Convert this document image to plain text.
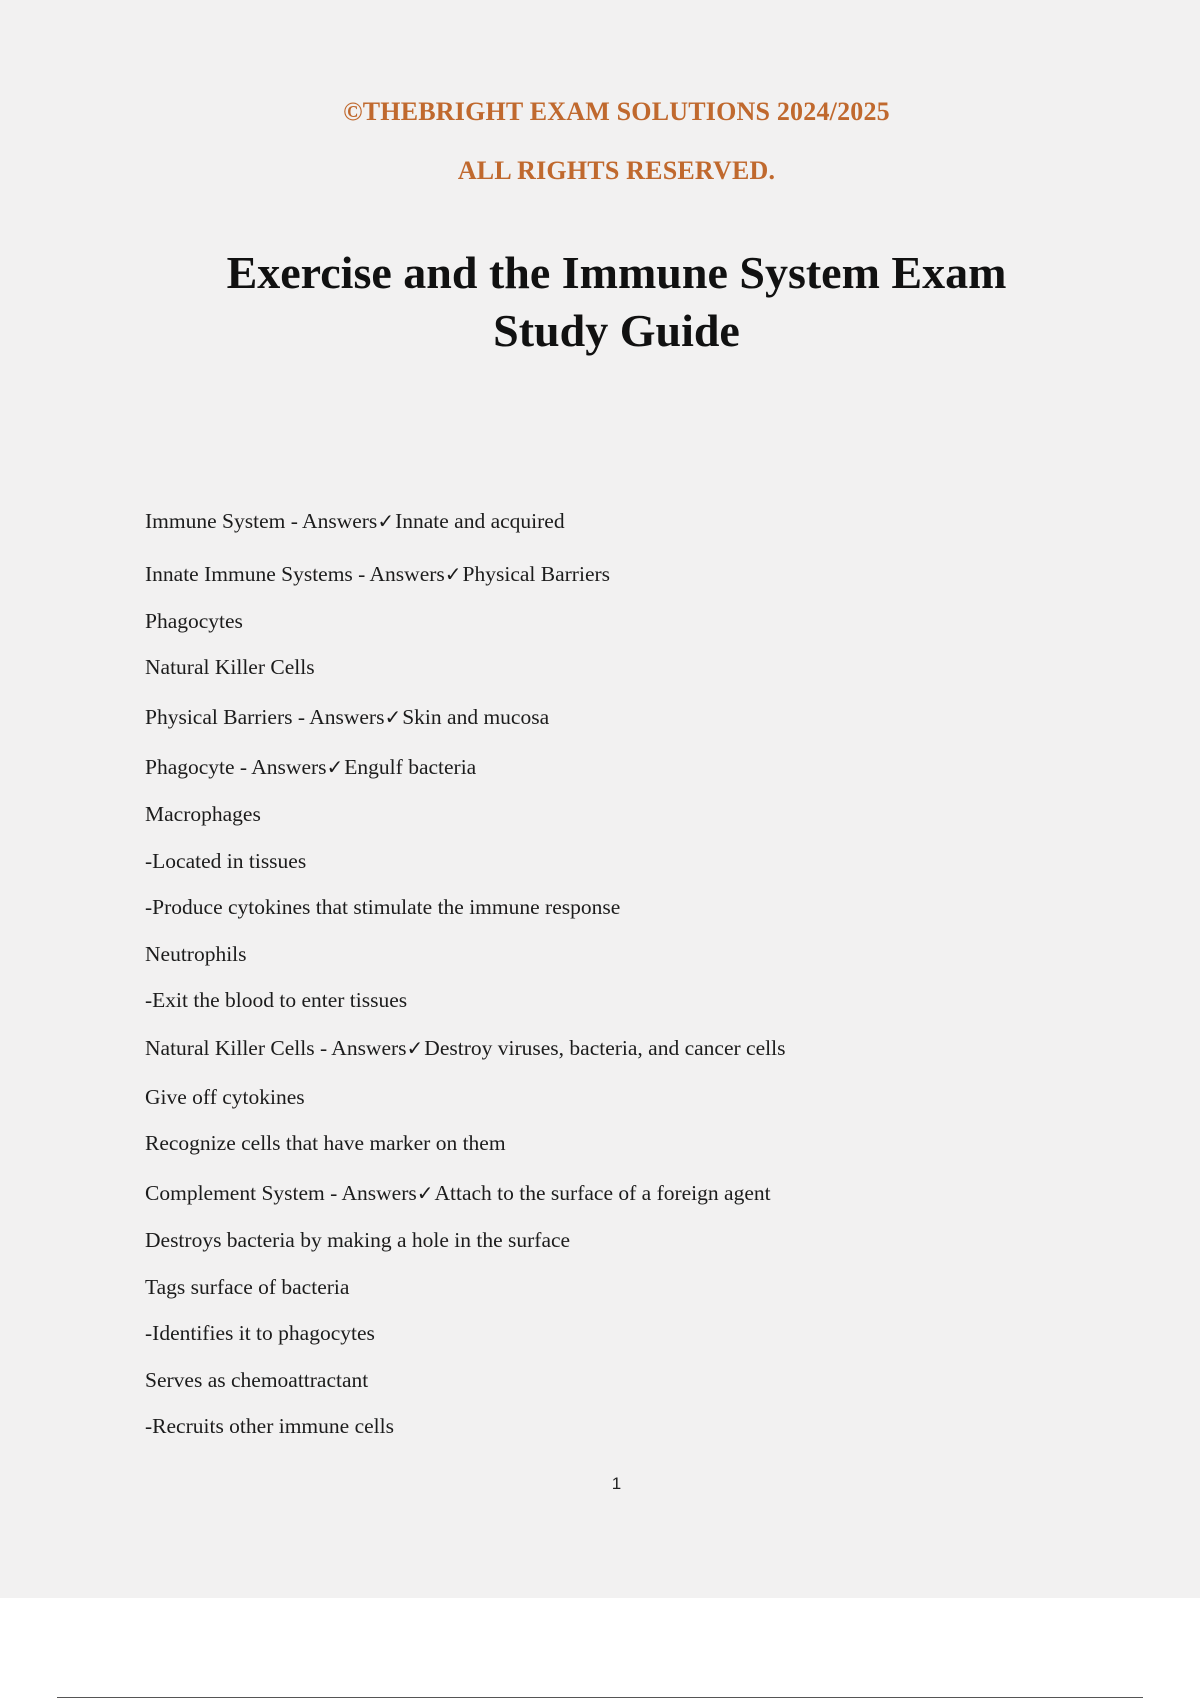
©THEBRIGHT EXAM SOLUTIONS 2024/2025
ALL RIGHTS RESERVED.
Exercise and the Immune System Exam
Study Guide
Immune System - Answers✓Innate and acquired
Innate Immune Systems - Answers✓Physical Barriers
Phagocytes
Natural Killer Cells
Physical Barriers - Answers✓Skin and mucosa
Phagocyte - Answers✓Engulf bacteria
Macrophages
-Located in tissues
-Produce cytokines that stimulate the immune response
Neutrophils
-Exit the blood to enter tissues
Natural Killer Cells - Answers✓Destroy viruses, bacteria, and cancer cells
Give off cytokines
Recognize cells that have marker on them
Complement System - Answers✓Attach to the surface of a foreign agent
Destroys bacteria by making a hole in the surface
Tags surface of bacteria
-Identifies it to phagocytes
Serves as chemoattractant
-Recruits other immune cells
1
